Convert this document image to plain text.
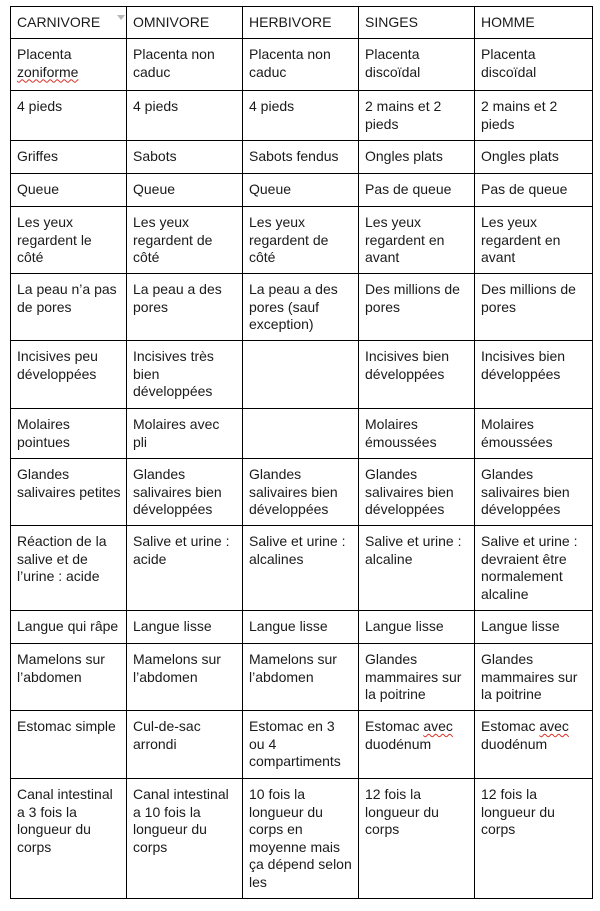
CARNIVORE	OMNIVORE	HERBIVORE	SINGES	HOMME
Placenta zoniforme	Placenta non caduc	Placenta non caduc	Placenta discoïdal	Placenta discoïdal
4 pieds	4 pieds	4 pieds	2 mains et 2 pieds	2 mains et 2 pieds
Griffes	Sabots	Sabots fendus	Ongles plats	Ongles plats
Queue	Queue	Queue	Pas de queue	Pas de queue
Les yeux regardent le côté	Les yeux regardent de côté	Les yeux regardent de côté	Les yeux regardent en avant	Les yeux regardent en avant
La peau n’a pas de pores	La peau a des pores	La peau a des pores (sauf exception)	Des millions de pores	Des millions de pores
Incisives peu développées	Incisives très bien développées		Incisives bien développées	Incisives bien développées
Molaires pointues	Molaires avec pli		Molaires émoussées	Molaires émoussées
Glandes salivaires petites	Glandes salivaires bien développées	Glandes salivaires bien développées	Glandes salivaires bien développées	Glandes salivaires bien développées
Réaction de la salive et de l’urine : acide	Salive et urine : acide	Salive et urine : alcalines	Salive et urine : alcaline	Salive et urine : devraient être normalement alcaline
Langue qui râpe	Langue lisse	Langue lisse	Langue lisse	Langue lisse
Mamelons sur l’abdomen	Mamelons sur l’abdomen	Mamelons sur l’abdomen	Glandes mammaires sur la poitrine	Glandes mammaires sur la poitrine
Estomac simple	Cul-de-sac arrondi	Estomac en 3 ou 4 compartiments	Estomac avec duodénum	Estomac avec duodénum
Canal intestinal a 3 fois la longueur du corps	Canal intestinal a 10 fois la longueur du corps	10 fois la longueur du corps en moyenne mais ça dépend selon les	12 fois la longueur du corps	12 fois la longueur du corps
